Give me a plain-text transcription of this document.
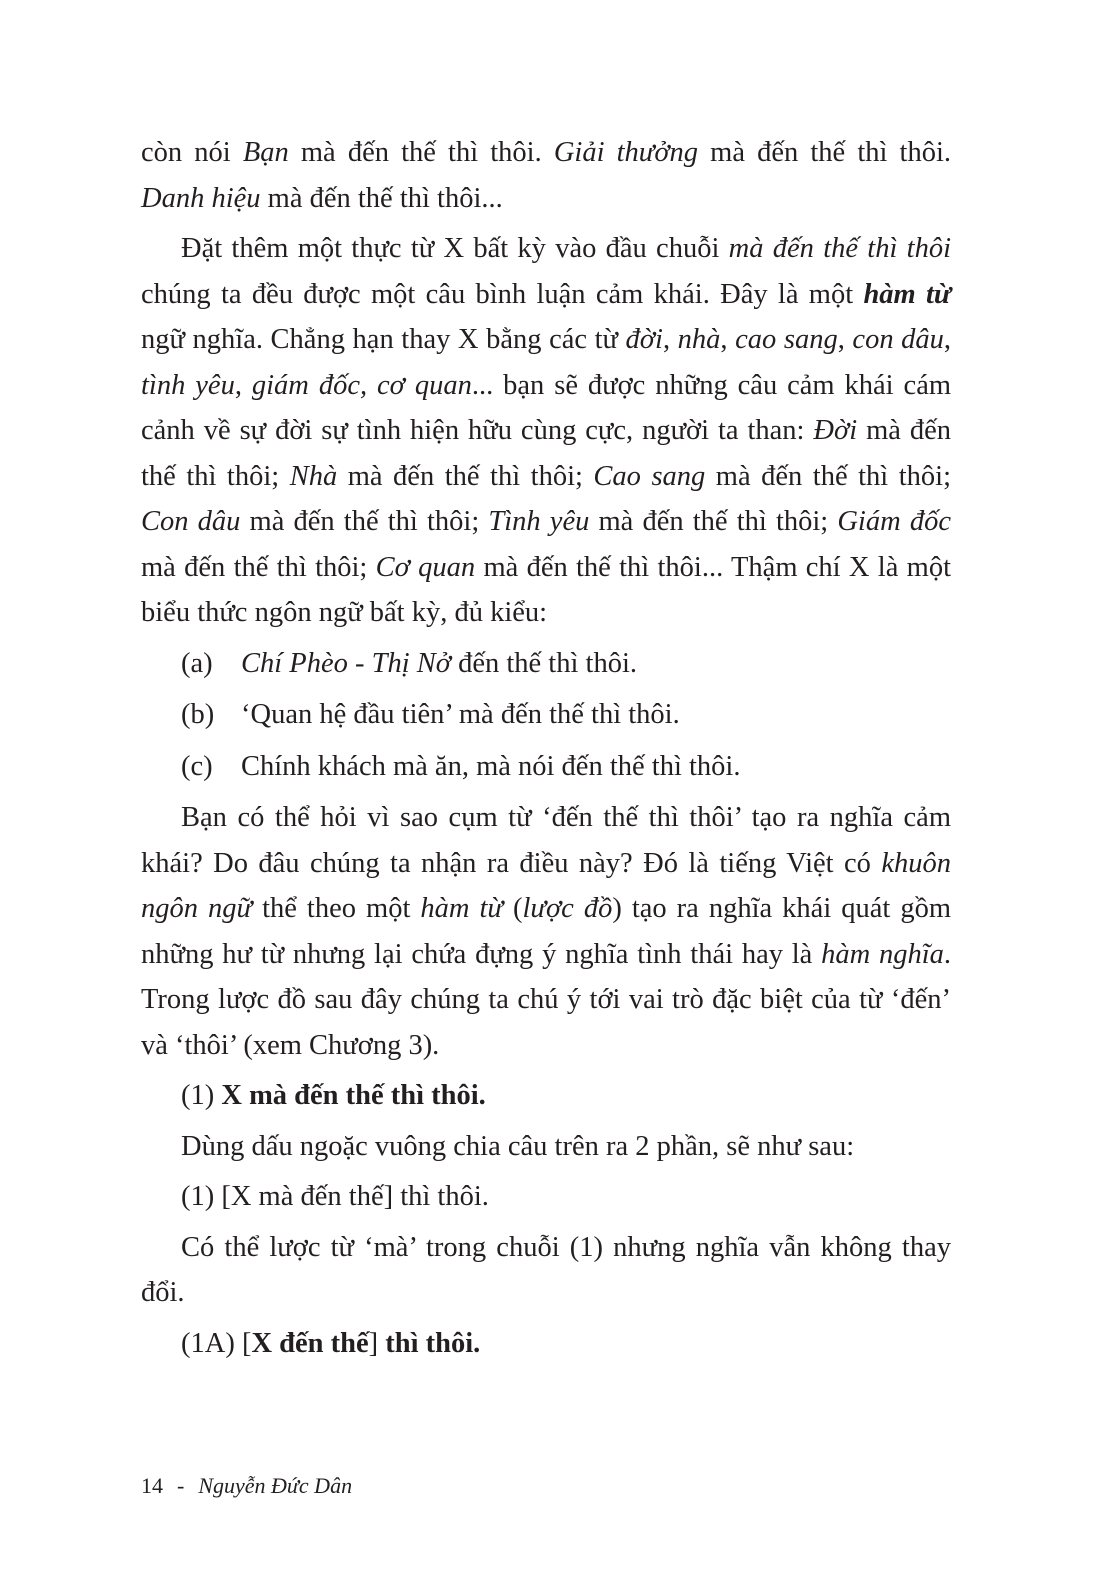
còn nói Bạn mà đến thế thì thôi. Giải thưởng mà đến thế thì thôi. Danh hiệu mà đến thế thì thôi...

Đặt thêm một thực từ X bất kỳ vào đầu chuỗi mà đến thế thì thôi chúng ta đều được một câu bình luận cảm khái. Đây là một hàm từ ngữ nghĩa. Chẳng hạn thay X bằng các từ đời, nhà, cao sang, con dâu, tình yêu, giám đốc, cơ quan... bạn sẽ được những câu cảm khái cám cảnh về sự đời sự tình hiện hữu cùng cực, người ta than: Đời mà đến thế thì thôi; Nhà mà đến thế thì thôi; Cao sang mà đến thế thì thôi; Con dâu mà đến thế thì thôi; Tình yêu mà đến thế thì thôi; Giám đốc mà đến thế thì thôi; Cơ quan mà đến thế thì thôi... Thậm chí X là một biểu thức ngôn ngữ bất kỳ, đủ kiểu:

(a) Chí Phèo - Thị Nở đến thế thì thôi.
(b) ‘Quan hệ đầu tiên’ mà đến thế thì thôi.
(c) Chính khách mà ăn, mà nói đến thế thì thôi.

Bạn có thể hỏi vì sao cụm từ ‘đến thế thì thôi’ tạo ra nghĩa cảm khái? Do đâu chúng ta nhận ra điều này? Đó là tiếng Việt có khuôn ngôn ngữ thể theo một hàm từ (lược đồ) tạo ra nghĩa khái quát gồm những hư từ nhưng lại chứa đựng ý nghĩa tình thái hay là hàm nghĩa. Trong lược đồ sau đây chúng ta chú ý tới vai trò đặc biệt của từ ‘đến’ và ‘thôi’ (xem Chương 3).

(1) X mà đến thế thì thôi.

Dùng dấu ngoặc vuông chia câu trên ra 2 phần, sẽ như sau:

(1) [X mà đến thế] thì thôi.

Có thể lược từ ‘mà’ trong chuỗi (1) nhưng nghĩa vẫn không thay đổi.

(1A) [X đến thế] thì thôi.
14 - Nguyễn Đức Dân
